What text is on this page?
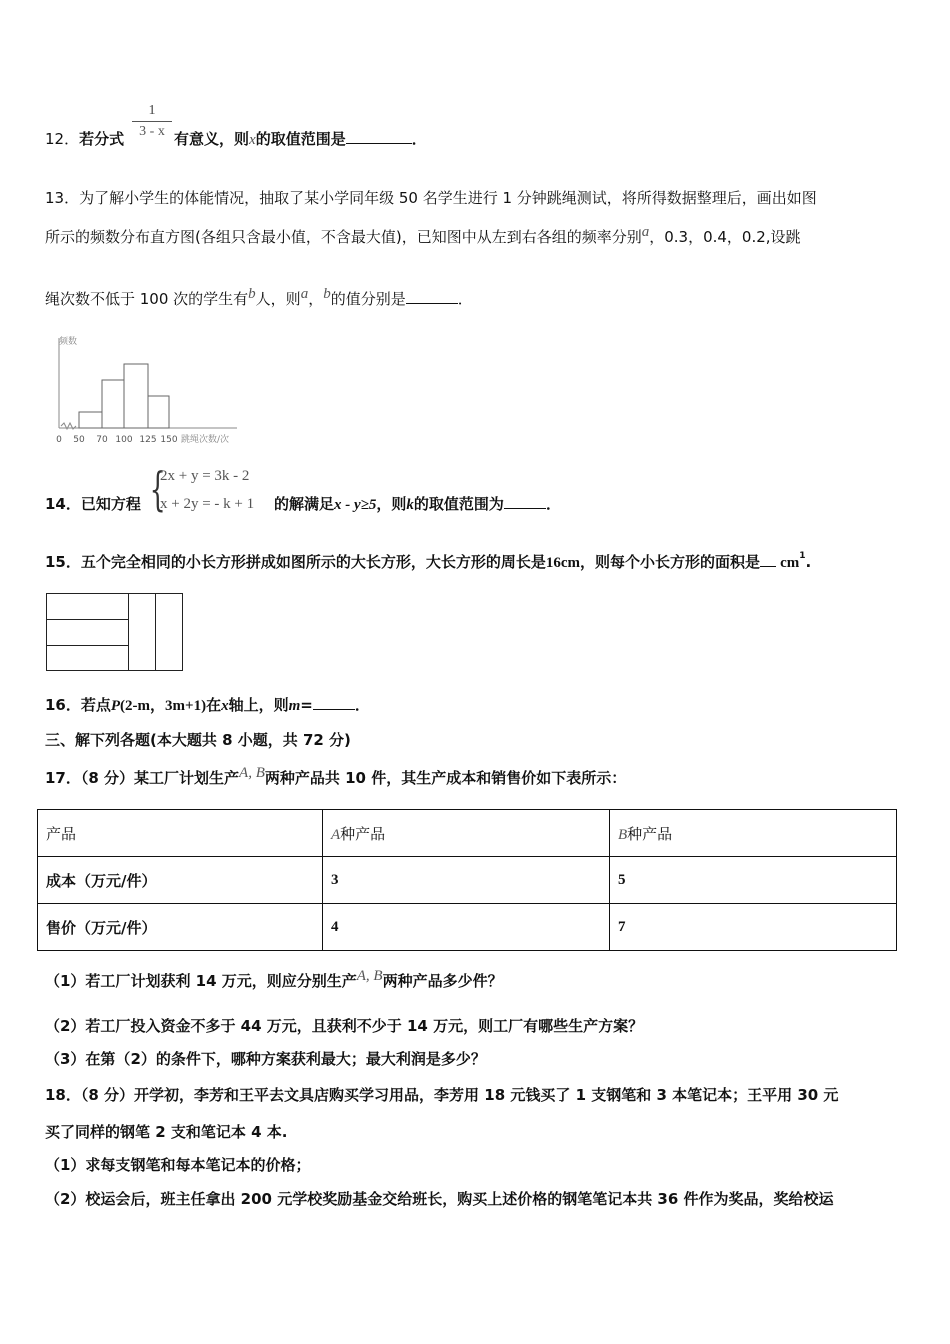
12．若分式
1
3 - x 有意义，则x的取值范围是	．
13．为了解小学生的体能情况，抽取了某小学同年级 50 名学生进行 1 分钟跳绳测试，将所得数据整理后，画出如图
所示的频数分布直方图(各组只含最小值，不含最大值)，已知图中从左到右各组的频率分别$^a$，0.3，0.4，0.2,设跳
绳次数不低于 100 次的学生有$^b$人，则$^a$，$^b$的值分别是	．
频数
跳绳次数/次
0 50 70 100 125 150
14．已知方程 {
2x + y = 3k - 2
x + 2y = - k + 1 的解满足x - y≥5，则k的取值范围为	．
15．五个完全相同的小长方形拼成如图所示的大长方形，大长方形的周长是16cm，则每个小长方形的面积是 $cm^1$.
16．若点P(2-m，3m+1)在x轴上，则m=	．
三、解下列各题(本大题共 8 小题，共 72 分)
17．（8 分）某工厂计划生产$^{A, B}$两种产品共 10 件，其生产成本和销售价如下表所示：
产品	A种产品	B种产品
成本（万元/件）	3	5
售价（万元/件）	4	7
（1）若工厂计划获利 14 万元，则应分别生产$^{A, B}$两种产品多少件？
（2）若工厂投入资金不多于 44 万元，且获利不少于 14 万元，则工厂有哪些生产方案？
（3）在第（2）的条件下，哪种方案获利最大；最大利润是多少？
18．（8 分）开学初，李芳和王平去文具店购买学习用品，李芳用 18 元钱买了 1 支钢笔和 3 本笔记本；王平用 30 元
买了同样的钢笔 2 支和笔记本 4 本.
（1）求每支钢笔和每本笔记本的价格；
（2）校运会后，班主任拿出 200 元学校奖励基金交给班长，购买上述价格的钢笔笔记本共 36 件作为奖品，奖给校运
